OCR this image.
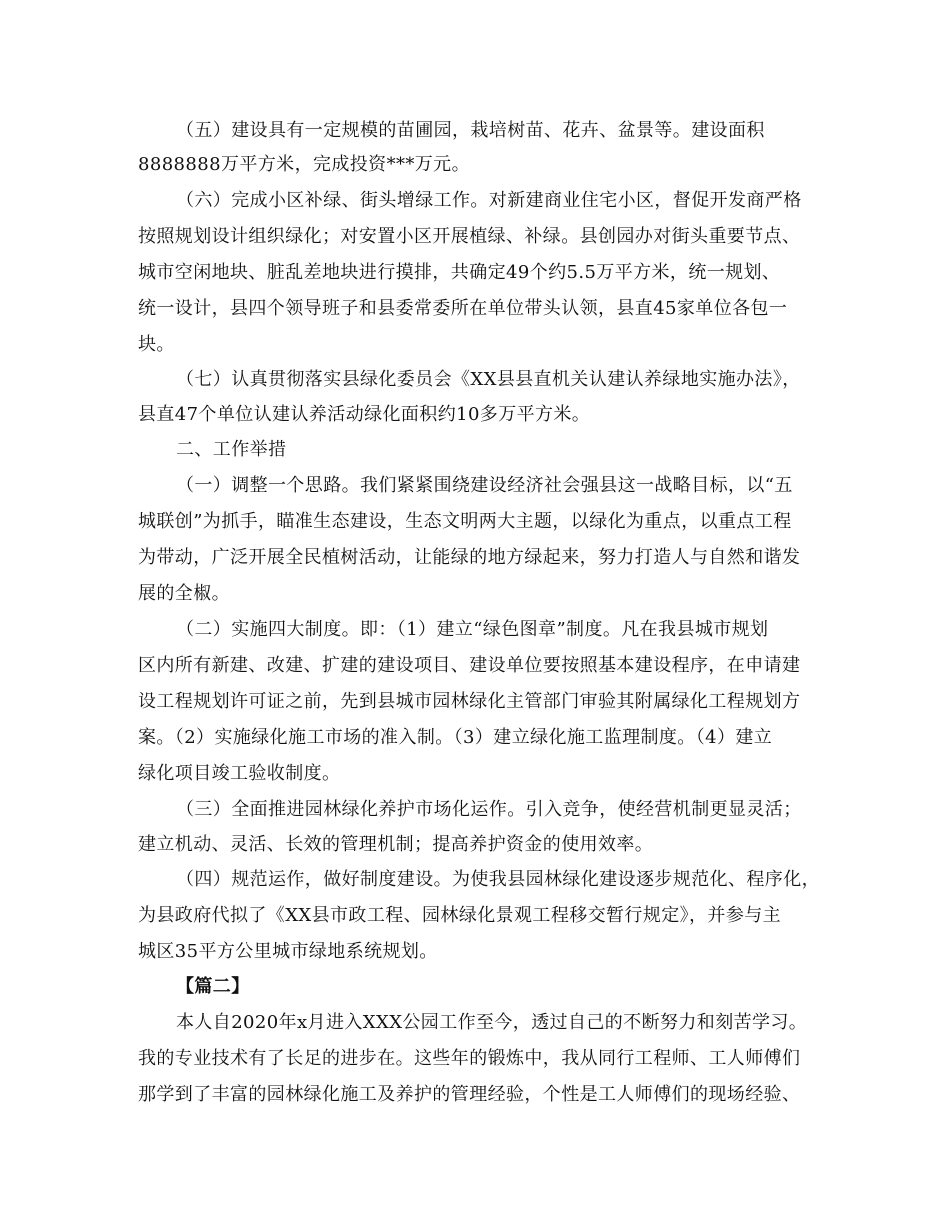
（五）建设具有一定规模的苗圃园，栽培树苗、花卉、盆景等。建设面积
8888888万平方米，完成投资***万元。
（六）完成小区补绿、街头增绿工作。对新建商业住宅小区，督促开发商严格
按照规划设计组织绿化；对安置小区开展植绿、补绿。县创园办对街头重要节点、
城市空闲地块、脏乱差地块进行摸排，共确定49个约5.5万平方米，统一规划、
统一设计，县四个领导班子和县委常委所在单位带头认领，县直45家单位各包一
块。
（七）认真贯彻落实县绿化委员会《XX县县直机关认建认养绿地实施办法》，
县直47个单位认建认养活动绿化面积约10多万平方米。
二、工作举措
（一）调整一个思路。我们紧紧围绕建设经济社会强县这一战略目标，以“五
城联创”为抓手，瞄准生态建设，生态文明两大主题，以绿化为重点，以重点工程
为带动，广泛开展全民植树活动，让能绿的地方绿起来，努力打造人与自然和谐发
展的全椒。
（二）实施四大制度。即：（1）建立“绿色图章”制度。凡在我县城市规划
区内所有新建、改建、扩建的建设项目、建设单位要按照基本建设程序，在申请建
设工程规划许可证之前，先到县城市园林绿化主管部门审验其附属绿化工程规划方
案。（2）实施绿化施工市场的准入制。（3）建立绿化施工监理制度。（4）建立
绿化项目竣工验收制度。
（三）全面推进园林绿化养护市场化运作。引入竞争，使经营机制更显灵活；
建立机动、灵活、长效的管理机制；提高养护资金的使用效率。
（四）规范运作，做好制度建设。为使我县园林绿化建设逐步规范化、程序化，
为县政府代拟了《XX县市政工程、园林绿化景观工程移交暂行规定》，并参与主
城区35平方公里城市绿地系统规划。
【篇二】
本人自2020年x月进入XXX公园工作至今，透过自己的不断努力和刻苦学习。
我的专业技术有了长足的进步在。这些年的锻炼中，我从同行工程师、工人师傅们
那学到了丰富的园林绿化施工及养护的管理经验，个性是工人师傅们的现场经验、
